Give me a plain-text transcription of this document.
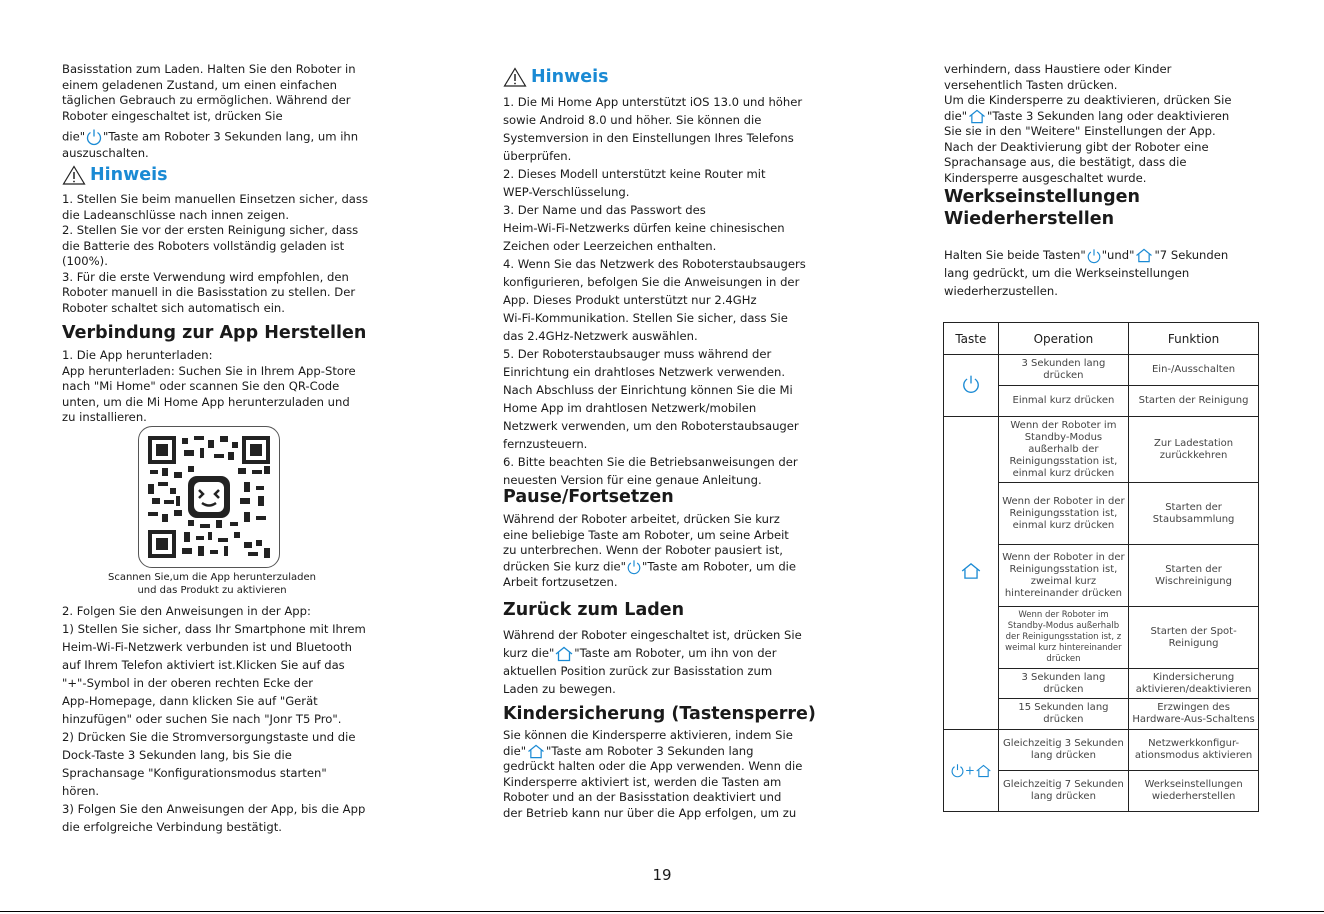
Basisstation zum Laden. Halten Sie den Roboter in

einem geladenen Zustand, um einen einfachen

täglichen Gebrauch zu ermöglichen. Während der

Roboter eingeschaltet ist, drücken Sie

die" "Taste am Roboter 3 Sekunden lang, um ihn

auszuschalten.

Hinweis

1. Stellen Sie beim manuellen Einsetzen sicher, dass

die Ladeanschlüsse nach innen zeigen.

2. Stellen Sie vor der ersten Reinigung sicher, dass

die Batterie des Roboters vollständig geladen ist

(100%).

3. Für die erste Verwendung wird empfohlen, den

Roboter manuell in die Basisstation zu stellen. Der

Roboter schaltet sich automatisch ein.

Verbindung zur App Herstellen

1. Die App herunterladen:

App herunterladen: Suchen Sie in Ihrem App-Store

nach "Mi Home" oder scannen Sie den QR-Code

unten, um die Mi Home App herunterzuladen und

zu installieren.

Scannen Sie,um die App herunterzuladen
und das Produkt zu aktivieren

2. Folgen Sie den Anweisungen in der App:

1) Stellen Sie sicher, dass Ihr Smartphone mit Ihrem

Heim-Wi-Fi-Netzwerk verbunden ist und Bluetooth

auf Ihrem Telefon aktiviert ist.Klicken Sie auf das

"+"-Symbol in der oberen rechten Ecke der

App-Homepage, dann klicken Sie auf "Gerät

hinzufügen" oder suchen Sie nach "Jonr T5 Pro".

2) Drücken Sie die Stromversorgungstaste und die

Dock-Taste 3 Sekunden lang, bis Sie die

Sprachansage "Konfigurationsmodus starten"

hören.

3) Folgen Sie den Anweisungen der App, bis die App

die erfolgreiche Verbindung bestätigt.

Hinweis

1. Die Mi Home App unterstützt iOS 13.0 und höher

sowie Android 8.0 und höher. Sie können die

Systemversion in den Einstellungen Ihres Telefons

überprüfen.

2. Dieses Modell unterstützt keine Router mit

WEP-Verschlüsselung.

3. Der Name und das Passwort des

Heim-Wi-Fi-Netzwerks dürfen keine chinesischen

Zeichen oder Leerzeichen enthalten.

4. Wenn Sie das Netzwerk des Roboterstaubsaugers

konfigurieren, befolgen Sie die Anweisungen in der

App. Dieses Produkt unterstützt nur 2.4GHz

Wi-Fi-Kommunikation. Stellen Sie sicher, dass Sie

das 2.4GHz-Netzwerk auswählen.

5. Der Roboterstaubsauger muss während der

Einrichtung ein drahtloses Netzwerk verwenden.

Nach Abschluss der Einrichtung können Sie die Mi

Home App im drahtlosen Netzwerk/mobilen

Netzwerk verwenden, um den Roboterstaubsauger

fernzusteuern.

6. Bitte beachten Sie die Betriebsanweisungen der

neuesten Version für eine genaue Anleitung.

Pause/Fortsetzen

Während der Roboter arbeitet, drücken Sie kurz

eine beliebige Taste am Roboter, um seine Arbeit

zu unterbrechen. Wenn der Roboter pausiert ist,

drücken Sie kurz die" "Taste am Roboter, um die

Arbeit fortzusetzen.

Zurück zum Laden

Während der Roboter eingeschaltet ist, drücken Sie

kurz die" "Taste am Roboter, um ihn von der

aktuellen Position zurück zur Basisstation zum

Laden zu bewegen.

Kindersicherung (Tastensperre)

Sie können die Kindersperre aktivieren, indem Sie

die" "Taste am Roboter 3 Sekunden lang

gedrückt halten oder die App verwenden. Wenn die

Kindersperre aktiviert ist, werden die Tasten am

Roboter und an der Basisstation deaktiviert und

der Betrieb kann nur über die App erfolgen, um zu

verhindern, dass Haustiere oder Kinder

versehentlich Tasten drücken.

Um die Kindersperre zu deaktivieren, drücken Sie

die" "Taste 3 Sekunden lang oder deaktivieren

Sie sie in den "Weitere" Einstellungen der App.

Nach der Deaktivierung gibt der Roboter eine

Sprachansage aus, die bestätigt, dass die

Kindersperre ausgeschaltet wurde.

Werkseinstellungen
Wiederherstellen

Halten Sie beide Tasten" "und" "7 Sekunden

lang gedrückt, um die Werkseinstellungen

wiederherzustellen.

Taste	Operation	Funktion
	3 Sekunden lang drücken	Ein-/Ausschalten
	Einmal kurz drücken	Starten der Reinigung
	Wenn der Roboter im Standby-Modus außerhalb der Reinigungsstation ist, einmal kurz drücken	Zur Ladestation zurückkehren
	Wenn der Roboter in der Reinigungsstation ist, einmal kurz drücken	Starten der Staubsammlung
	Wenn der Roboter in der Reinigungsstation ist, zweimal kurz hintereinander drücken	Starten der Wischreinigung
	Wenn der Roboter im Standby-Modus außerhalb der Reinigungsstation ist, z weimal kurz hintereinander drücken	Starten der Spot-Reinigung
	3 Sekunden lang drücken	Kindersicherung aktivieren/deaktivieren
	15 Sekunden lang drücken	Erzwingen des Hardware-Aus-Schaltens
+	Gleichzeitig 3 Sekunden lang drücken	Netzwerkkonfigur-ationsmodus aktivieren
	Gleichzeitig 7 Sekunden lang drücken	Werkseinstellungen wiederherstellen
19
